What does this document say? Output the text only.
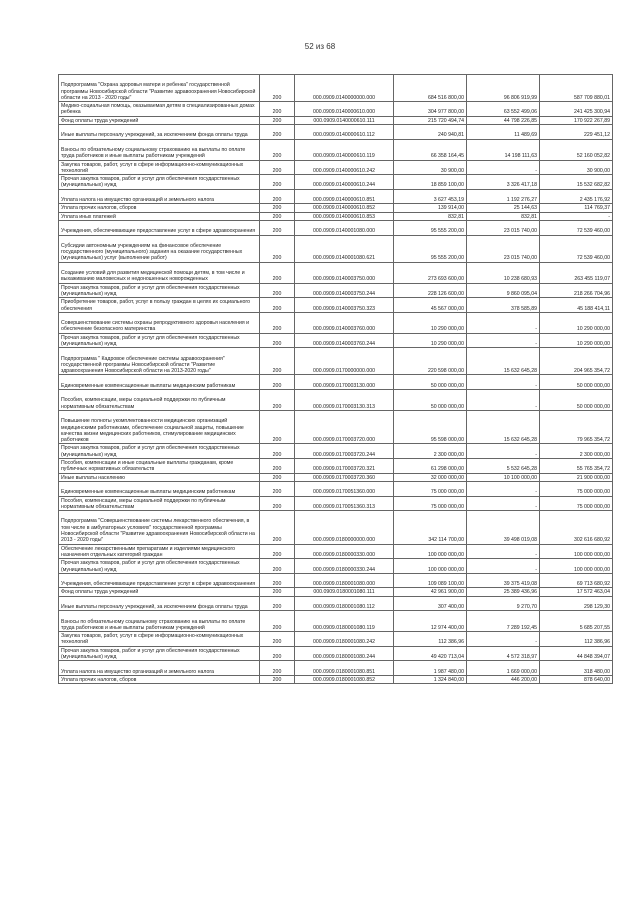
52 из 68
Подпрограмма "Охрана здоровья матери и ребенка" государственной программы Новосибирской области "Развитие здравоохранения Новосибирской области на 2013 - 2020 годы"	200	000.0909.0140000000.000	684 516 800,00	96 806 919,99	587 709 880,01
Медико-социальная помощь, оказываемая детям в специализированных домах ребенка	200	000.0909.0140000610.000	304 977 800,00	63 552 499,06	241 425 300,94
Фонд оплаты труда учреждений	200	000.0909.0140000610.111	215 720 494,74	44 798 226,85	170 922 267,89
Иные выплаты персоналу учреждений, за исключением фонда оплаты труда	200	000.0909.0140000610.112	240 940,81	11 489,69	229 451,12
Взносы по обязательному социальному страхованию на выплаты по оплате труда работников и иные выплаты работникам учреждений	200	000.0909.0140000610.119	66 358 164,45	14 198 111,63	52 160 052,82
Закупка товаров, работ, услуг в сфере информационно-коммуникационных технологий	200	000.0909.0140000610.242	30 900,00	-	30 900,00
Прочая закупка товаров, работ и услуг для обеспечения государственных (муниципальных) нужд	200	000.0909.0140000610.244	18 859 100,00	3 326 417,18	15 532 682,82
Уплата налога на имущество организаций и земельного налога	200	000.0909.0140000610.851	3 627 453,19	1 192 276,27	2 435 176,92
Уплата прочих налогов, сборов	200	000.0909.0140000610.852	139 914,00	25 144,63	114 769,37
Уплата иных платежей	200	000.0909.0140000610.853	832,81	832,81	-
Учреждения, обеспечивающие предоставление услуг в сфере здравоохранения	200	000.0909.0140001080.000	95 555 200,00	23 015 740,00	72 539 460,00
Субсидии автономным учреждениям на финансовое обеспечение государственного (муниципального) задания на оказание государственных (муниципальных) услуг (выполнение работ)	200	000.0909.0140001080.621	95 555 200,00	23 015 740,00	72 539 460,00
Создание условий для развития медицинской помощи детям, в том числе и выхаживанию маловесных и недоношенных новорожденных	200	000.0909.0140003750.000	273 693 600,00	10 238 680,93	263 455 119,07
Прочая закупка товаров, работ и услуг для обеспечения государственных (муниципальных) нужд	200	000.0909.0140003750.244	228 126 600,00	9 860 095,04	218 266 704,96
Приобретение товаров, работ, услуг в пользу граждан в целях их социального обеспечения	200	000.0909.0140003750.323	45 567 000,00	378 585,89	45 188 414,11
Совершенствование системы охраны репродуктивного здоровья населения и обеспечение безопасного материнства	200	000.0909.0140003760.000	10 290 000,00	-	10 290 000,00
Прочая закупка товаров, работ и услуг для обеспечения государственных (муниципальных) нужд	200	000.0909.0140003760.244	10 290 000,00	-	10 290 000,00
Подпрограмма " Кадровое обеспечение системы здравоохранения" государственной программы Новосибирской области "Развитие здравоохранения Новосибирской области на 2013-2020 годы"	200	000.0909.0170000000.000	220 598 000,00	15 632 645,28	204 965 354,72
Единовременные компенсационные выплаты медицинским работникам	200	000.0909.0170003130.000	50 000 000,00	-	50 000 000,00
Пособия, компенсации, меры социальной поддержки по публичным нормативным обязательствам	200	000.0909.0170003130.313	50 000 000,00	-	50 000 000,00
Повышение полноты укомплектованности медицинских организаций медицинскими работниками, обеспечение социальной защиты, повышение качества жизни медицинских работников, стимулирование медицинских работников	200	000.0909.0170003720.000	95 598 000,00	15 632 645,28	79 965 354,72
Прочая закупка товаров, работ и услуг для обеспечения государственных (муниципальных) нужд	200	000.0909.0170003720.244	2 300 000,00	-	2 300 000,00
Пособия, компенсации и иные социальные выплаты гражданам, кроме публичных нормативных обязательств	200	000.0909.0170003720.321	61 298 000,00	5 532 645,28	55 765 354,72
Иные выплаты населению	200	000.0909.0170003720.360	32 000 000,00	10 100 000,00	21 900 000,00
Единовременные компенсационные выплаты медицинским работникам	200	000.0909.0170051360.000	75 000 000,00	-	75 000 000,00
Пособия, компенсации, меры социальной поддержки по публичным нормативным обязательствам	200	000.0909.0170051360.313	75 000 000,00	-	75 000 000,00
Подпрограмма "Совершенствование системы лекарственного обеспечения, в том числе в амбулаторных условиях" государственной программы Новосибирской области "Развитие здравоохранения Новосибирской области на 2013 - 2020 годы"	200	000.0909.0180000000.000	342 114 700,00	39 498 019,08	302 616 680,92
Обеспечение лекарственными препаратами и изделиями медицинского назначения отдельных категорий граждан	200	000.0909.0180000330.000	100 000 000,00	-	100 000 000,00
Прочая закупка товаров, работ и услуг для обеспечения государственных (муниципальных) нужд	200	000.0909.0180000330.244	100 000 000,00	-	100 000 000,00
Учреждения, обеспечивающие предоставление услуг в сфере здравоохранения	200	000.0909.0180001080.000	109 089 100,00	39 375 419,08	69 713 680,92
Фонд оплаты труда учреждений	200	000.0909.0180001080.111	42 961 900,00	25 389 436,96	17 572 463,04
Иные выплаты персоналу учреждений, за исключением фонда оплаты труда	200	000.0909.0180001080.112	307 400,00	9 270,70	298 129,30
Взносы по обязательному социальному страхованию на выплаты по оплате труда работников и иные выплаты работникам учреждений	200	000.0909.0180001080.119	12 974 400,00	7 289 192,45	5 685 207,55
Закупка товаров, работ, услуг в сфере информационно-коммуникационных технологий	200	000.0909.0180001080.242	112 386,96	-	112 386,96
Прочая закупка товаров, работ и услуг для обеспечения государственных (муниципальных) нужд	200	000.0909.0180001080.244	49 420 713,04	4 572 318,97	44 848 394,07
Уплата налога на имущество организаций и земельного налога	200	000.0909.0180001080.851	1 987 480,00	1 669 000,00	318 480,00
Уплата прочих налогов, сборов	200	000.0909.0180001080.852	1 324 840,00	446 200,00	878 640,00
